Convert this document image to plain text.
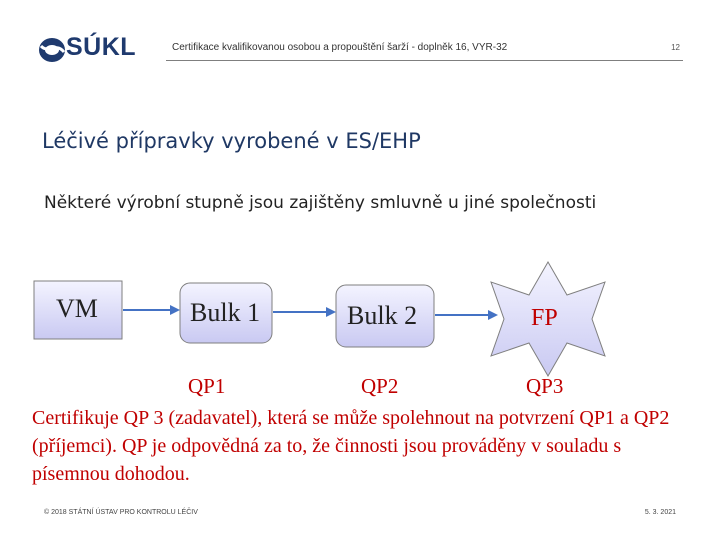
SÚKL	Certifikace kvalifikovanou osobou a propouštění šarží - doplněk 16, VYR-32	12
Léčivé přípravky vyrobené v ES/EHP
Některé výrobní stupně jsou zajištěny smluvně u jiné společnosti
VM	Bulk 1	Bulk 2	FP
QP1	QP2	QP3
Certifikuje QP 3 (zadavatel), která se může spolehnout na potvrzení QP1 a QP2 (příjemci). QP je odpovědná za to, že činnosti jsou prováděny v souladu s písemnou dohodou.
© 2018 STÁTNÍ ÚSTAV PRO KONTROLU LÉČIV	5. 3. 2021
